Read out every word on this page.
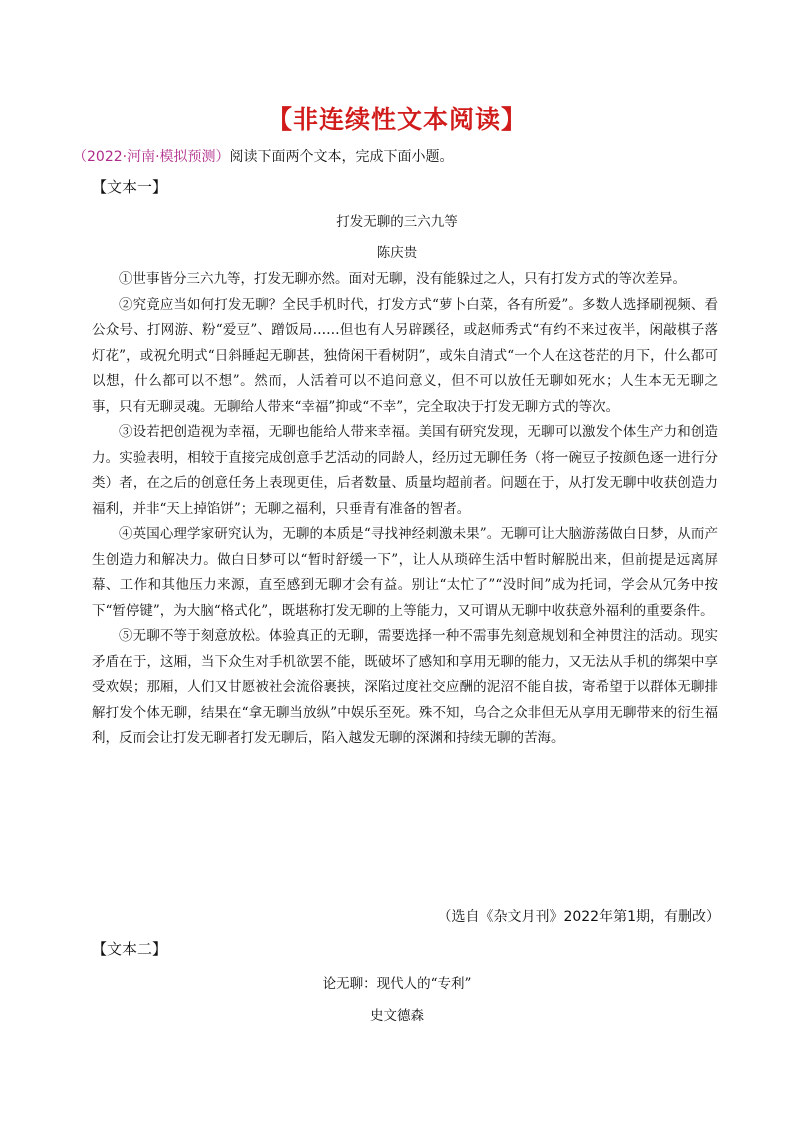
【非连续性文本阅读】
（2022·河南·模拟预测）阅读下面两个文本，完成下面小题。
【文本一】
打发无聊的三六九等
陈庆贵

①世事皆分三六九等，打发无聊亦然。面对无聊，没有能躲过之人，只有打发方式的等次差异。

②究竟应当如何打发无聊？全民手机时代，打发方式“萝卜白菜，各有所爱”。多数人选择刷视频、看公众号、打网游、粉“爱豆”、蹭饭局……但也有人另辟蹊径，或赵师秀式“有约不来过夜半，闲敲棋子落灯花”，或祝允明式“日斜睡起无聊甚，独倚闲干看树阴”，或朱自清式“一个人在这苍茫的月下，什么都可以想，什么都可以不想”。然而，人活着可以不追问意义，但不可以放任无聊如死水；人生本无无聊之事，只有无聊灵魂。无聊给人带来“幸福”抑或“不幸”，完全取决于打发无聊方式的等次。

③设若把创造视为幸福，无聊也能给人带来幸福。美国有研究发现，无聊可以激发个体生产力和创造力。实验表明，相较于直接完成创意手艺活动的同龄人，经历过无聊任务（将一碗豆子按颜色逐一进行分类）者，在之后的创意任务上表现更佳，后者数量、质量均超前者。问题在于，从打发无聊中收获创造力福利，并非“天上掉馅饼”；无聊之福利，只垂青有准备的智者。

④英国心理学家研究认为，无聊的本质是“寻找神经刺激未果”。无聊可让大脑游荡做白日梦，从而产生创造力和解决力。做白日梦可以“暂时舒缓一下”，让人从琐碎生活中暂时解脱出来，但前提是远离屏幕、工作和其他压力来源，直至感到无聊才会有益。别让“太忙了”“没时间”成为托词，学会从冗务中按下“暂停键”，为大脑“格式化”，既堪称打发无聊的上等能力，又可谓从无聊中收获意外福利的重要条件。

⑤无聊不等于刻意放松。体验真正的无聊，需要选择一种不需事先刻意规划和全神贯注的活动。现实矛盾在于，这厢，当下众生对手机欲罢不能，既破坏了感知和享用无聊的能力，又无法从手机的绑架中享受欢娱；那厢，人们又甘愿被社会流俗裹挟，深陷过度社交应酬的泥沼不能自拔，寄希望于以群体无聊排解打发个体无聊，结果在“拿无聊当放纵”中娱乐至死。殊不知，乌合之众非但无从享用无聊带来的衍生福利，反而会让打发无聊者打发无聊后，陷入越发无聊的深渊和持续无聊的苦海。

（选自《杂文月刊》2022年第1期，有删改）
【文本二】
论无聊：现代人的“专利”
史文德森
